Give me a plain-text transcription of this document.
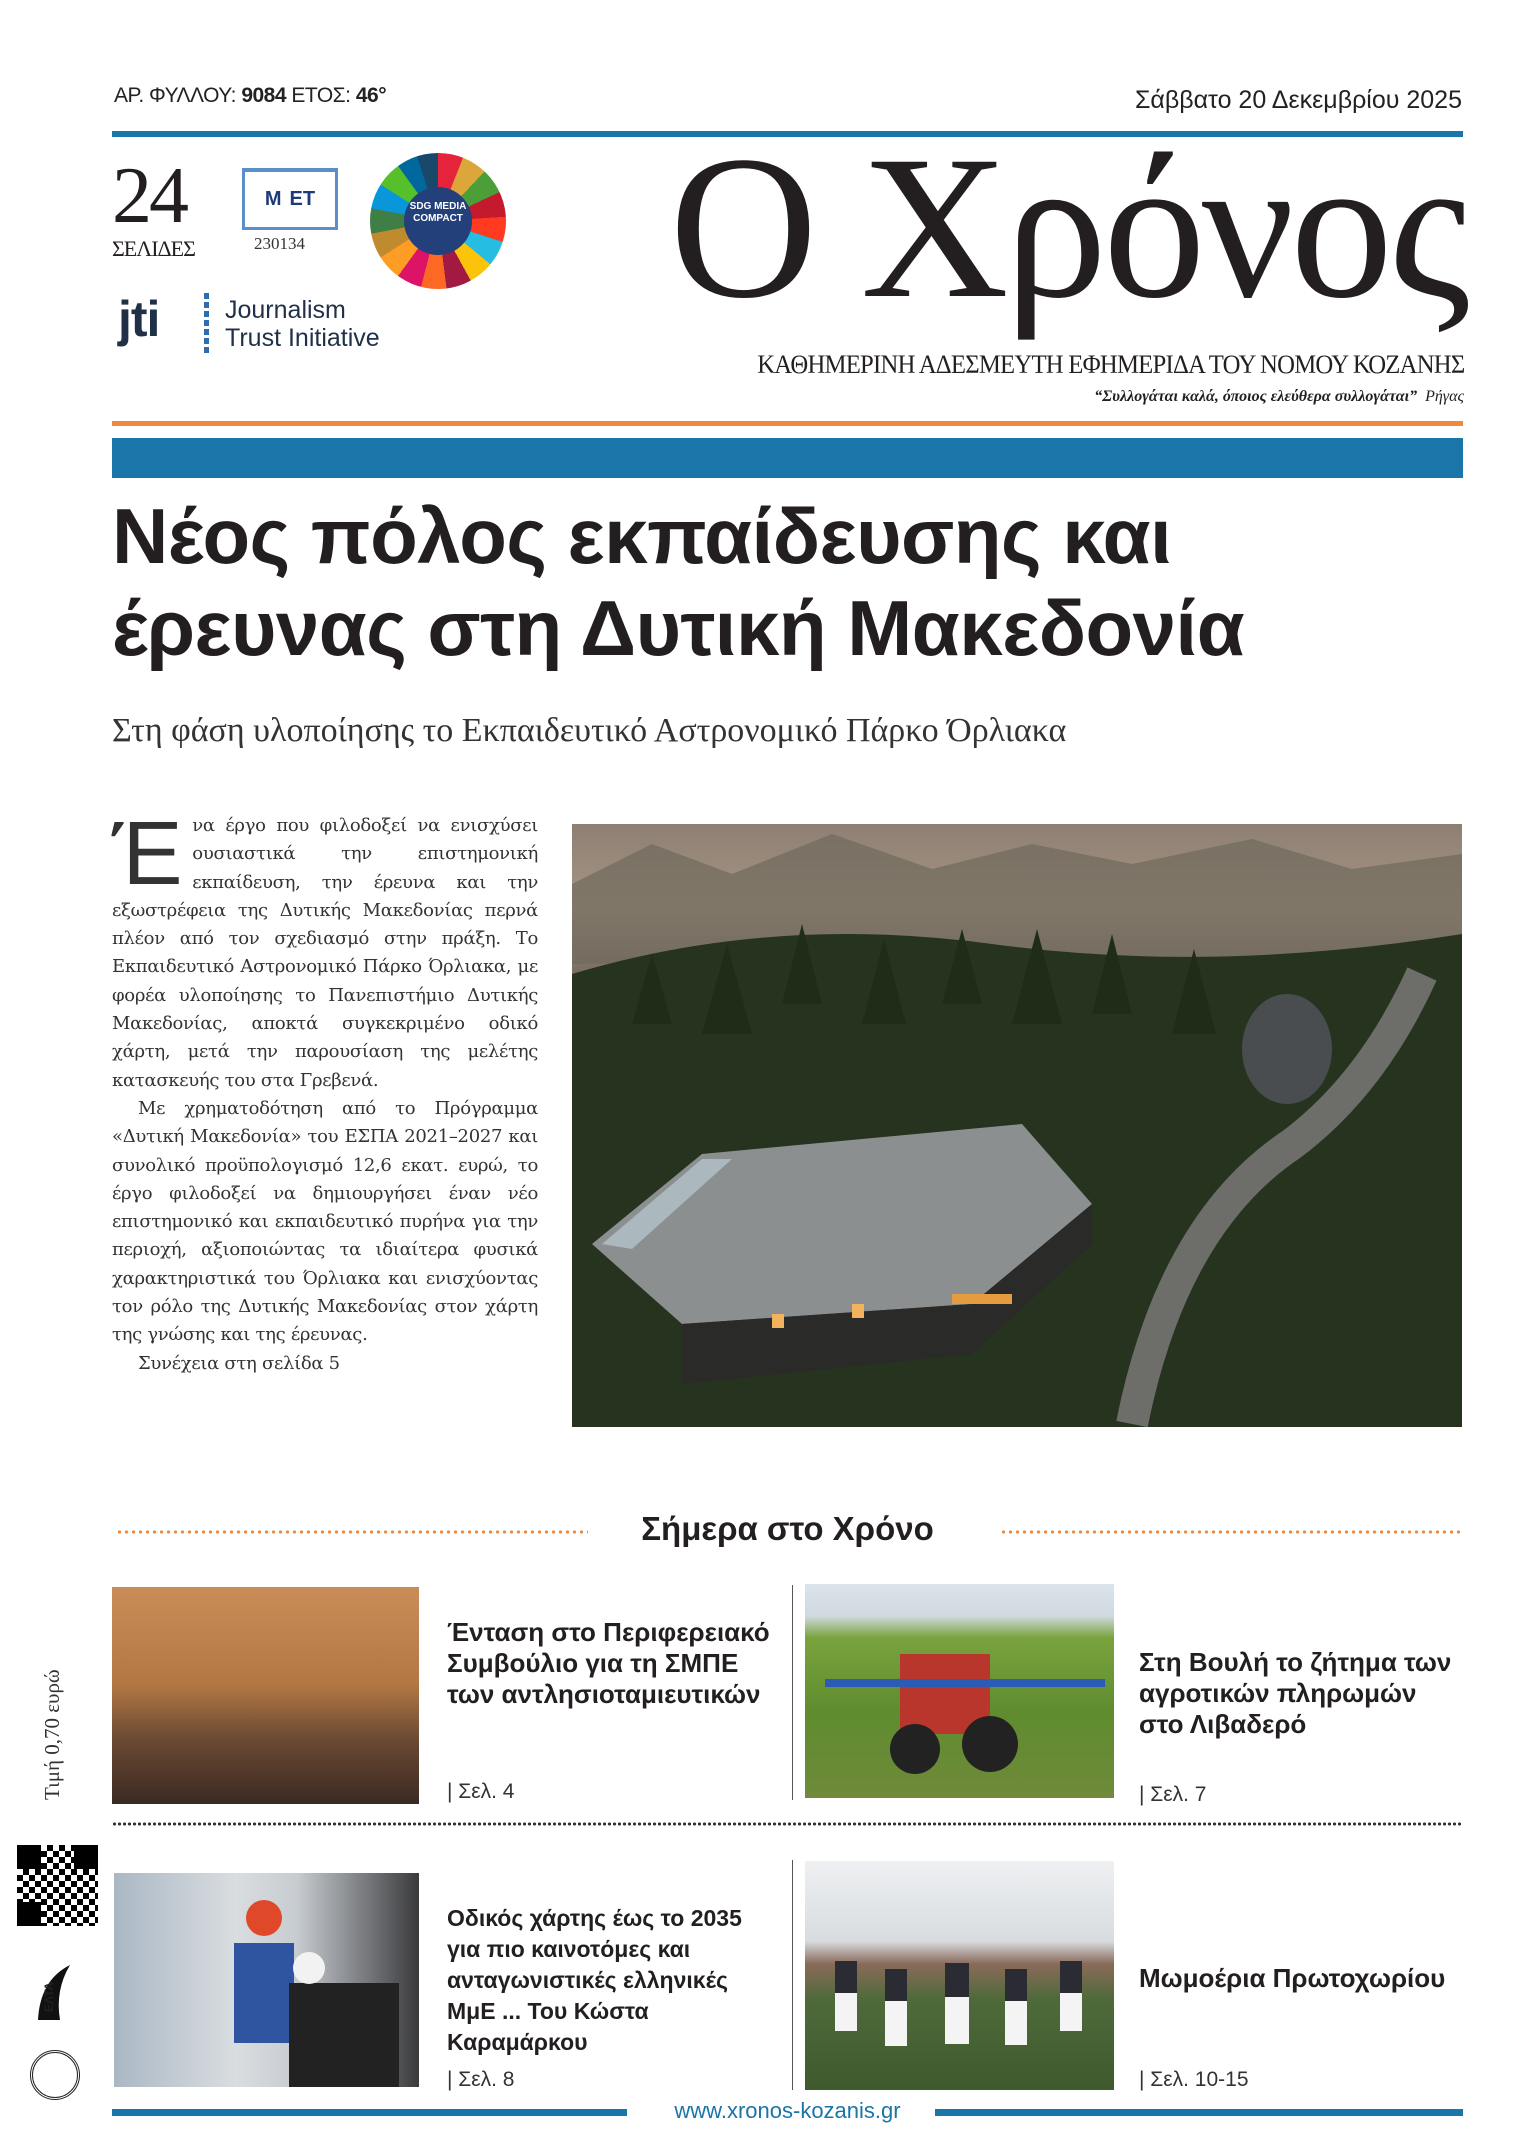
ΑΡ. ΦΥΛΛΟΥ: 9084 ΕΤΟΣ: 46°	Σάββατο 20 Δεκεμβρίου 2025
24
ΣΕΛΙΔΕΣ
M ET
230134
SDG MEDIA COMPACT
jti	Journalism
Trust Initiative	Ο Χρόνος
ΚΑΘΗΜΕΡΙΝΗ ΑΔΕΣΜΕΥΤΗ ΕΦΗΜΕΡΙΔΑ ΤΟΥ ΝΟΜΟΥ ΚΟΖΑΝΗΣ
“Συλλογάται καλά, όποιος ελεύθερα συλλογάται” Ρήγας
Νέος πόλος εκπαίδευσης και
έρευνας στη Δυτική Μακεδονία
Στη φάση υλοποίησης το Εκπαιδευτικό Αστρονομικό Πάρκο Όρλιακα
Έ να έργο που φιλοδοξεί να ενισχύσει ουσιαστικά την επιστημονική εκπαίδευση, την έρευνα και την εξωστρέφεια της Δυτικής Μακεδονίας περνά πλέον από τον σχεδιασμό στην πράξη. Το Εκπαιδευτικό Αστρονομικό Πάρκο Όρλιακα, με φορέα υλοποίησης το Πανεπιστήμιο Δυτικής Μακεδονίας, αποκτά συγκεκριμένο οδικό χάρτη, μετά την παρουσίαση της μελέτης κατασκευής του στα Γρεβενά.

Με χρηματοδότηση από το Πρόγραμμα «Δυτική Μακεδονία» του ΕΣΠΑ 2021–2027 και συνολικό προϋπολογισμό 12,6 εκατ. ευρώ, το έργο φιλοδοξεί να δημιουργήσει έναν νέο επιστημονικό και εκπαιδευτικό πυρήνα για την περιοχή, αξιοποιώντας τα ιδιαίτερα φυσικά χαρακτηριστικά του Όρλιακα και ενισχύοντας τον ρόλο της Δυτικής Μακεδονίας στον χάρτη της γνώσης και της έρευνας.

Συνέχεια στη σελίδα 5

Σήμερα στο Χρόνο
Ένταση στο Περιφερειακό Συμβούλιο για τη ΣΜΠΕ των αντλησιοταμιευτικών
| Σελ. 4
Στη Βουλή το ζήτημα των αγροτικών πληρωμών στο Λιβαδερό
| Σελ. 7
Οδικός χάρτης έως το 2035 για πιο καινοτόμες και ανταγωνιστικές ελληνικές ΜμΕ ... Του Κώστα Καραμάρκου
| Σελ. 8
Μωμοέρια Πρωτοχωρίου
| Σελ. 10-15
Τιμή 0,70 ευρώ
ΕΛΤΑ
www.xronos-kozanis.gr
